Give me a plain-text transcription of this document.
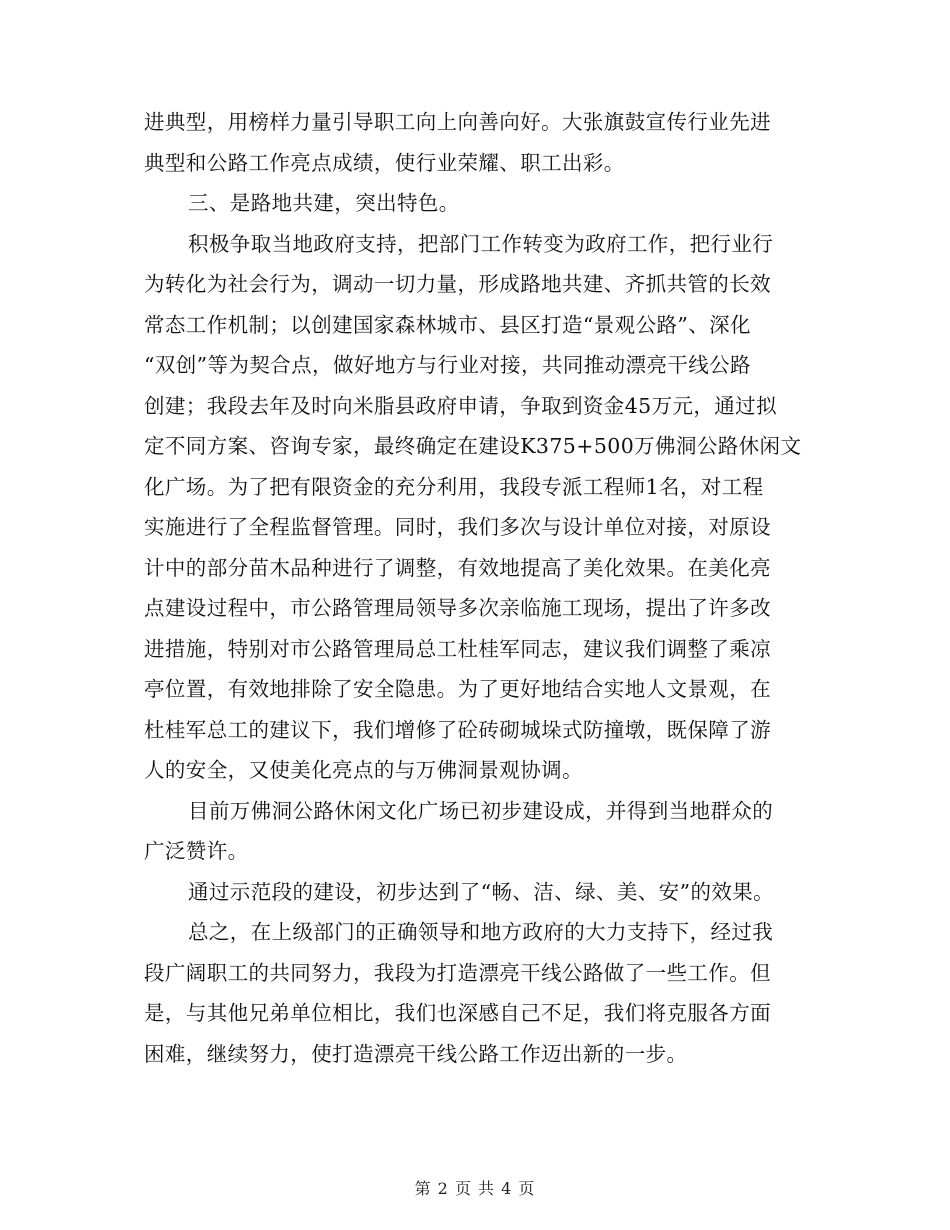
进典型，用榜样力量引导职工向上向善向好。大张旗鼓宣传行业先进

典型和公路工作亮点成绩，使行业荣耀、职工出彩。

三、是路地共建，突出特色。

积极争取当地政府支持，把部门工作转变为政府工作，把行业行

为转化为社会行为，调动一切力量，形成路地共建、齐抓共管的长效

常态工作机制；以创建国家森林城市、县区打造“景观公路”、深化

“双创”等为契合点，做好地方与行业对接，共同推动漂亮干线公路

创建；我段去年及时向米脂县政府申请，争取到资金45万元，通过拟

定不同方案、咨询专家，最终确定在建设K375+500万佛洞公路休闲文

化广场。为了把有限资金的充分利用，我段专派工程师1名，对工程

实施进行了全程监督管理。同时，我们多次与设计单位对接，对原设

计中的部分苗木品种进行了调整，有效地提高了美化效果。在美化亮

点建设过程中，市公路管理局领导多次亲临施工现场，提出了许多改

进措施，特别对市公路管理局总工杜桂军同志，建议我们调整了乘凉

亭位置，有效地排除了安全隐患。为了更好地结合实地人文景观，在

杜桂军总工的建议下，我们增修了砼砖砌城垛式防撞墩，既保障了游

人的安全，又使美化亮点的与万佛洞景观协调。

目前万佛洞公路休闲文化广场已初步建设成，并得到当地群众的

广泛赞许。

通过示范段的建设，初步达到了“畅、洁、绿、美、安”的效果。

总之，在上级部门的正确领导和地方政府的大力支持下，经过我

段广阔职工的共同努力，我段为打造漂亮干线公路做了一些工作。但

是，与其他兄弟单位相比，我们也深感自己不足，我们将克服各方面

困难，继续努力，使打造漂亮干线公路工作迈出新的一步。

第 2 页 共 4 页
